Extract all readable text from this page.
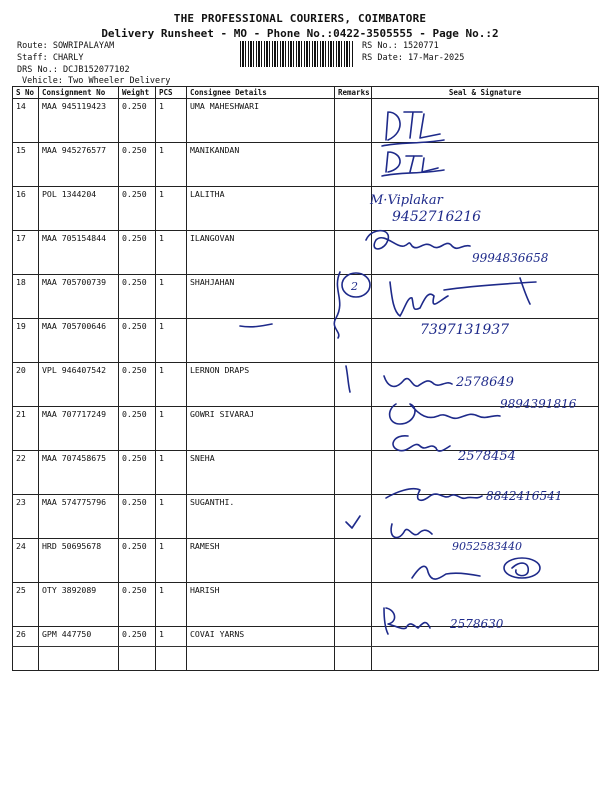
THE PROFESSIONAL COURIERS, COIMBATORE
Delivery Runsheet - MO - Phone No.:0422-3505555 - Page No.:2
Route: SOWRIPALAYAM
Staff: CHARLY
DRS No.: DCJB152077102
Vehicle: Two Wheeler Delivery
RS No.: 1520771
RS Date: 17-Mar-2025
S No	Consignment No	Weight	PCS	Consignee Details	Remarks	Seal & Signature
14	MAA 945119423	0.250	1	UMA MAHESHWARI		
15	MAA 945276577	0.250	1	MANIKANDAN		
16	POL 1344204	0.250	1	LALITHA		
17	MAA 705154844	0.250	1	ILANGOVAN		
18	MAA 705700739	0.250	1	SHAHJAHAN		
19	MAA 705700646	0.250	1			
20	VPL 946407542	0.250	1	LERNON DRAPS		
21	MAA 707717249	0.250	1	GOWRI SIVARAJ		
22	MAA 707458675	0.250	1	SNEHA		
23	MAA 574775796	0.250	1	SUGANTHI.		
24	HRD 50695678	0.250	1	RAMESH		
25	OTY 3892089	0.250	1	HARISH		
26	GPM 447750	0.250	1	COVAI YARNS		
M·Viplakar
9452716216
9994836658
2
7397131937
2578649
9894391816
2578454
8842416541
9052583440
2578630
